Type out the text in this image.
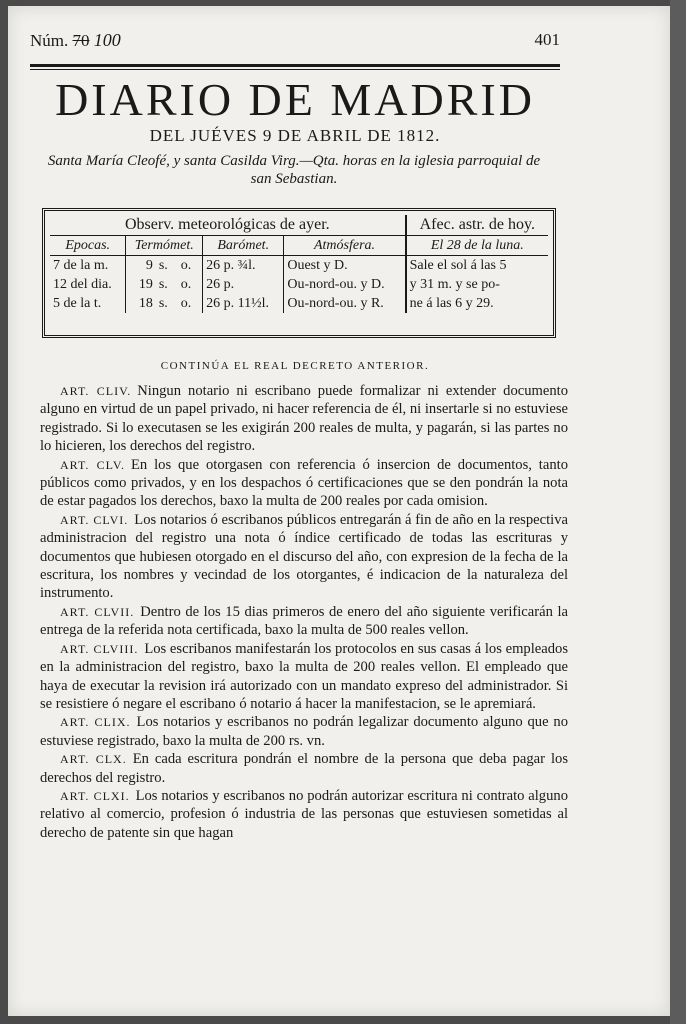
Núm. 70 100	401
DIARIO DE MADRID
DEL JUÉVES 9 DE ABRIL DE 1812.
Santa María Cleofé, y santa Casilda Virg.—Qta. horas en la iglesia parroquial de san Sebastian.
Observ. meteorológicas de ayer.						Afec. astr. de hoy.
Epocas.	Termómet.			Barómet.	Atmósfera.	El 28 de la luna.
7 de la m.	9	s.	o.	26 p. ¾l.	Ouest y D.	Sale el sol á las 5
12 del dia.	19	s.	o.	26 p.	Ou-nord-ou. y D.	y 31 m. y se po-
5 de la t.	18	s.	o.	26 p. 11½l.	Ou-nord-ou. y R.	ne á las 6 y 29.
CONTINÚA EL REAL DECRETO ANTERIOR.

ART. CLIV. Ningun notario ni escribano puede formalizar ni extender documento alguno en virtud de un papel privado, ni hacer referencia de él, ni insertarle si no estuviese registrado. Si lo executasen se les exigirán 200 reales de multa, y pagarán, si las partes no lo hicieren, los derechos del registro.

ART. CLV. En los que otorgasen con referencia ó insercion de documentos, tanto públicos como privados, y en los despachos ó certificaciones que se den pondrán la nota de estar pagados los derechos, baxo la multa de 200 reales por cada omision.

ART. CLVI. Los notarios ó escribanos públicos entregarán á fin de año en la respectiva administracion del registro una nota ó índice certificado de todas las escrituras y documentos que hubiesen otorgado en el discurso del año, con expresion de la fecha de la escritura, los nombres y vecindad de los otorgantes, é indicacion de la naturaleza del instrumento.

ART. CLVII. Dentro de los 15 dias primeros de enero del año siguiente verificarán la entrega de la referida nota certificada, baxo la multa de 500 reales vellon.

ART. CLVIII. Los escribanos manifestarán los protocolos en sus casas á los empleados en la administracion del registro, baxo la multa de 200 reales vellon. El empleado que haya de executar la revision irá autorizado con un mandato expreso del administrador. Si se resistiere ó negare el escribano ó notario á hacer la manifestacion, se le apremiará.

ART. CLIX. Los notarios y escribanos no podrán legalizar documento alguno que no estuviese registrado, baxo la multa de 200 rs. vn.

ART. CLX. En cada escritura pondrán el nombre de la persona que deba pagar los derechos del registro.

ART. CLXI. Los notarios y escribanos no podrán autorizar escritura ni contrato alguno relativo al comercio, profesion ó industria de las personas que estuviesen sometidas al derecho de patente sin que hagan
